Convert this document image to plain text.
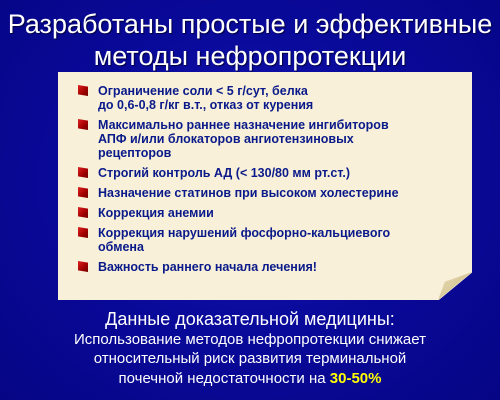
Разработаны простые и эффективные
методы нефропротекции
Ограничение соли < 5 г/сут, белка
до 0,6-0,8 г/кг в.т., отказ от курения
Максимально раннее назначение ингибиторов
АПФ и/или блокаторов ангиотензиновых
рецепторов
Строгий контроль АД (< 130/80 мм рт.ст.)
Назначение статинов при высоком холестерине
Коррекция анемии
Коррекция нарушений фосфорно-кальциевого
обмена
Важность раннего начала лечения!
Данные доказательной медицины:
Использование методов нефропротекции снижает
относительный риск развития терминальной
почечной недостаточности на 30-50%
